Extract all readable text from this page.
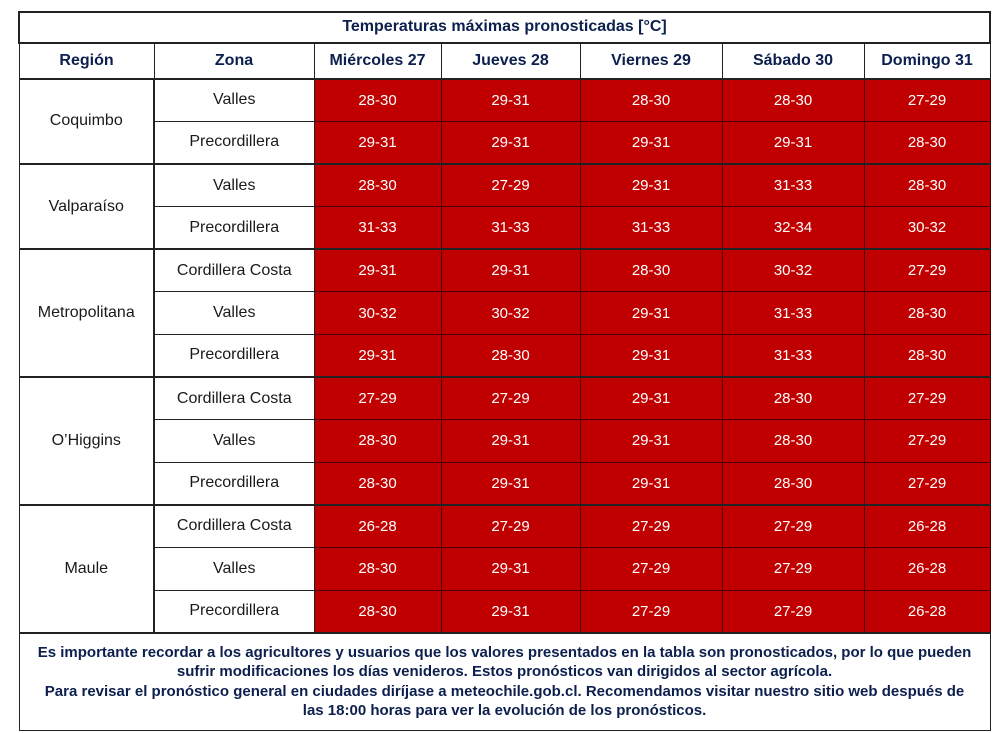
Temperaturas máximas pronosticadas [°C]						
Región	Zona	Miércoles 27	Jueves 28	Viernes 29	Sábado 30	Domingo 31
Coquimbo	Valles	28-30	29-31	28-30	28-30	27-29
	Precordillera	29-31	29-31	29-31	29-31	28-30
Valparaíso	Valles	28-30	27-29	29-31	31-33	28-30
	Precordillera	31-33	31-33	31-33	32-34	30-32
Metropolitana	Cordillera Costa	29-31	29-31	28-30	30-32	27-29
	Valles	30-32	30-32	29-31	31-33	28-30
	Precordillera	29-31	28-30	29-31	31-33	28-30
O’Higgins	Cordillera Costa	27-29	27-29	29-31	28-30	27-29
	Valles	28-30	29-31	29-31	28-30	27-29
	Precordillera	28-30	29-31	29-31	28-30	27-29
Maule	Cordillera Costa	26-28	27-29	27-29	27-29	26-28
	Valles	28-30	29-31	27-29	27-29	26-28
	Precordillera	28-30	29-31	27-29	27-29	26-28

Es importante recordar a los agricultores y usuarios que los valores presentados en la tabla son pronosticados, por lo que pueden
sufrir modificaciones los días venideros. Estos pronósticos van dirigidos al sector agrícola.
Para revisar el pronóstico general en ciudades diríjase a meteochile.gob.cl. Recomendamos visitar nuestro sitio web después de
las 18:00 horas para ver la evolución de los pronósticos.						
